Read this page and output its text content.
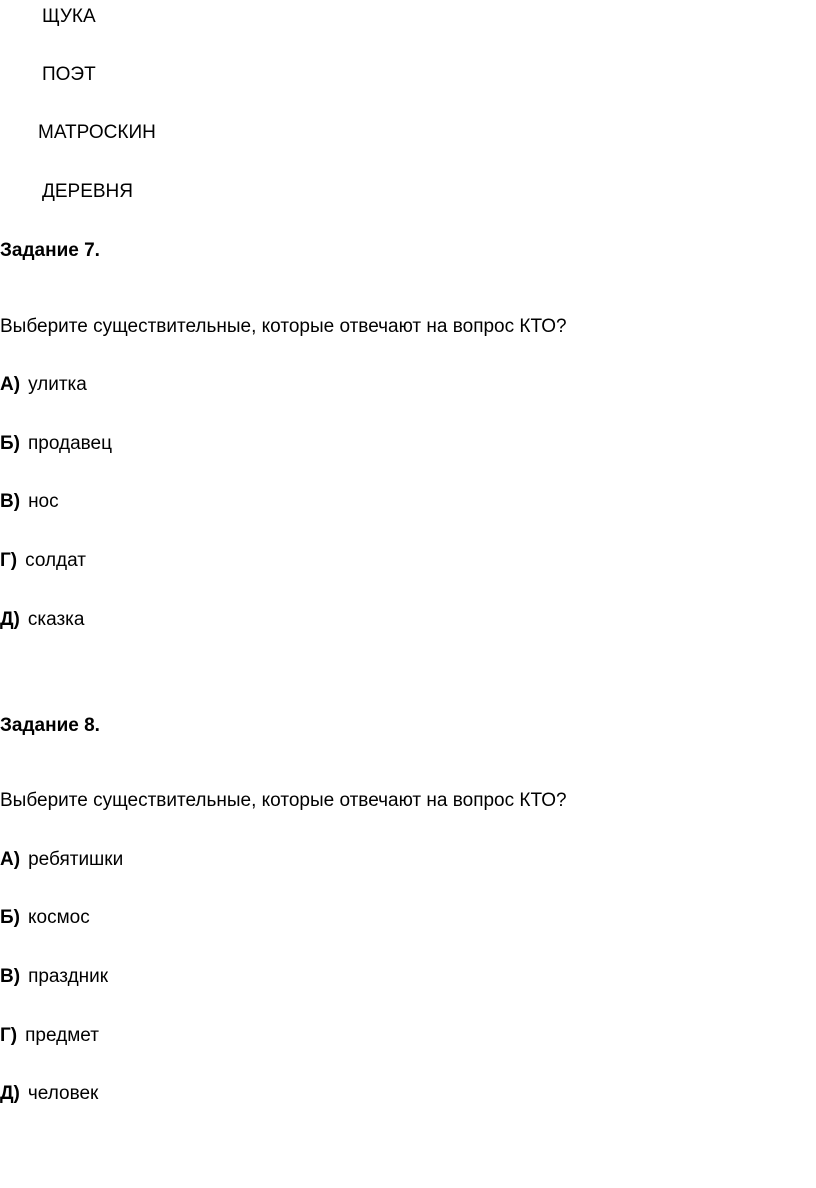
ЩУКА
ПОЭТ
МАТРОСКИН
ДЕРЕВНЯ
Задание 7.
Выберите существительные, которые отвечают на вопрос КТО?
А) улитка
Б) продавец
В) нос
Г) солдат
Д) сказка
Задание 8.
Выберите существительные, которые отвечают на вопрос КТО?
А) ребятишки
Б) космос
В) праздник
Г) предмет
Д) человек
